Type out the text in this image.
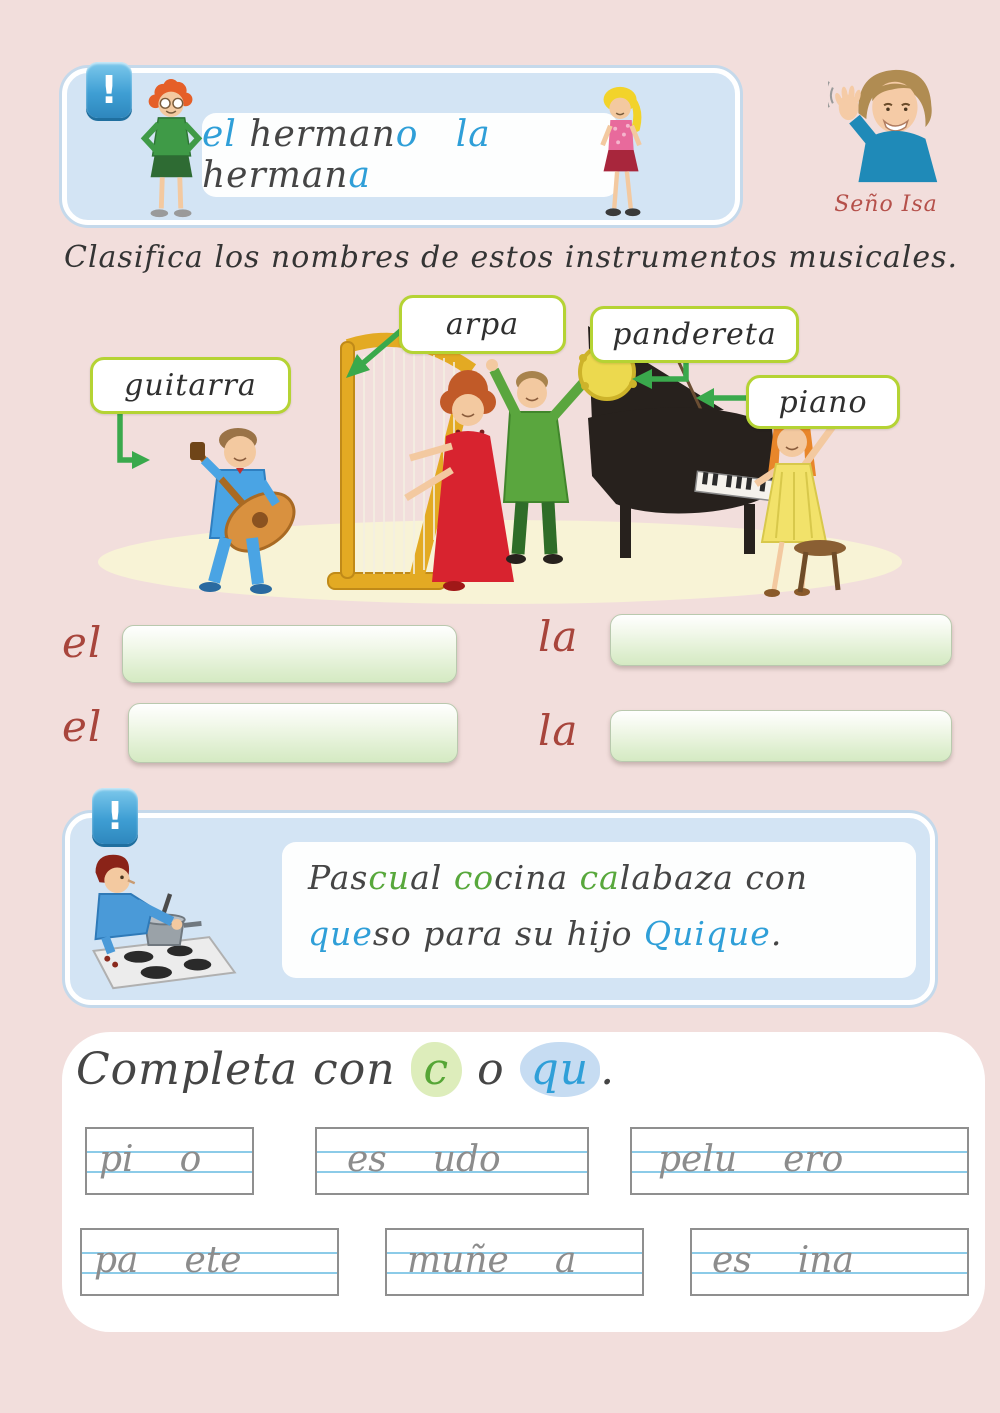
!
el hermano la hermana
Seño Isa
Clasifica los nombres de estos instrumentos musicales.
guitarra
arpa	pandereta
piano
el	la
el	la
!
Pascual cocina calabaza con
queso para su hijo Quique.
Completa con c o qu .
pi o	es udo	pelu ero
pa ete	muñe a	es ina
